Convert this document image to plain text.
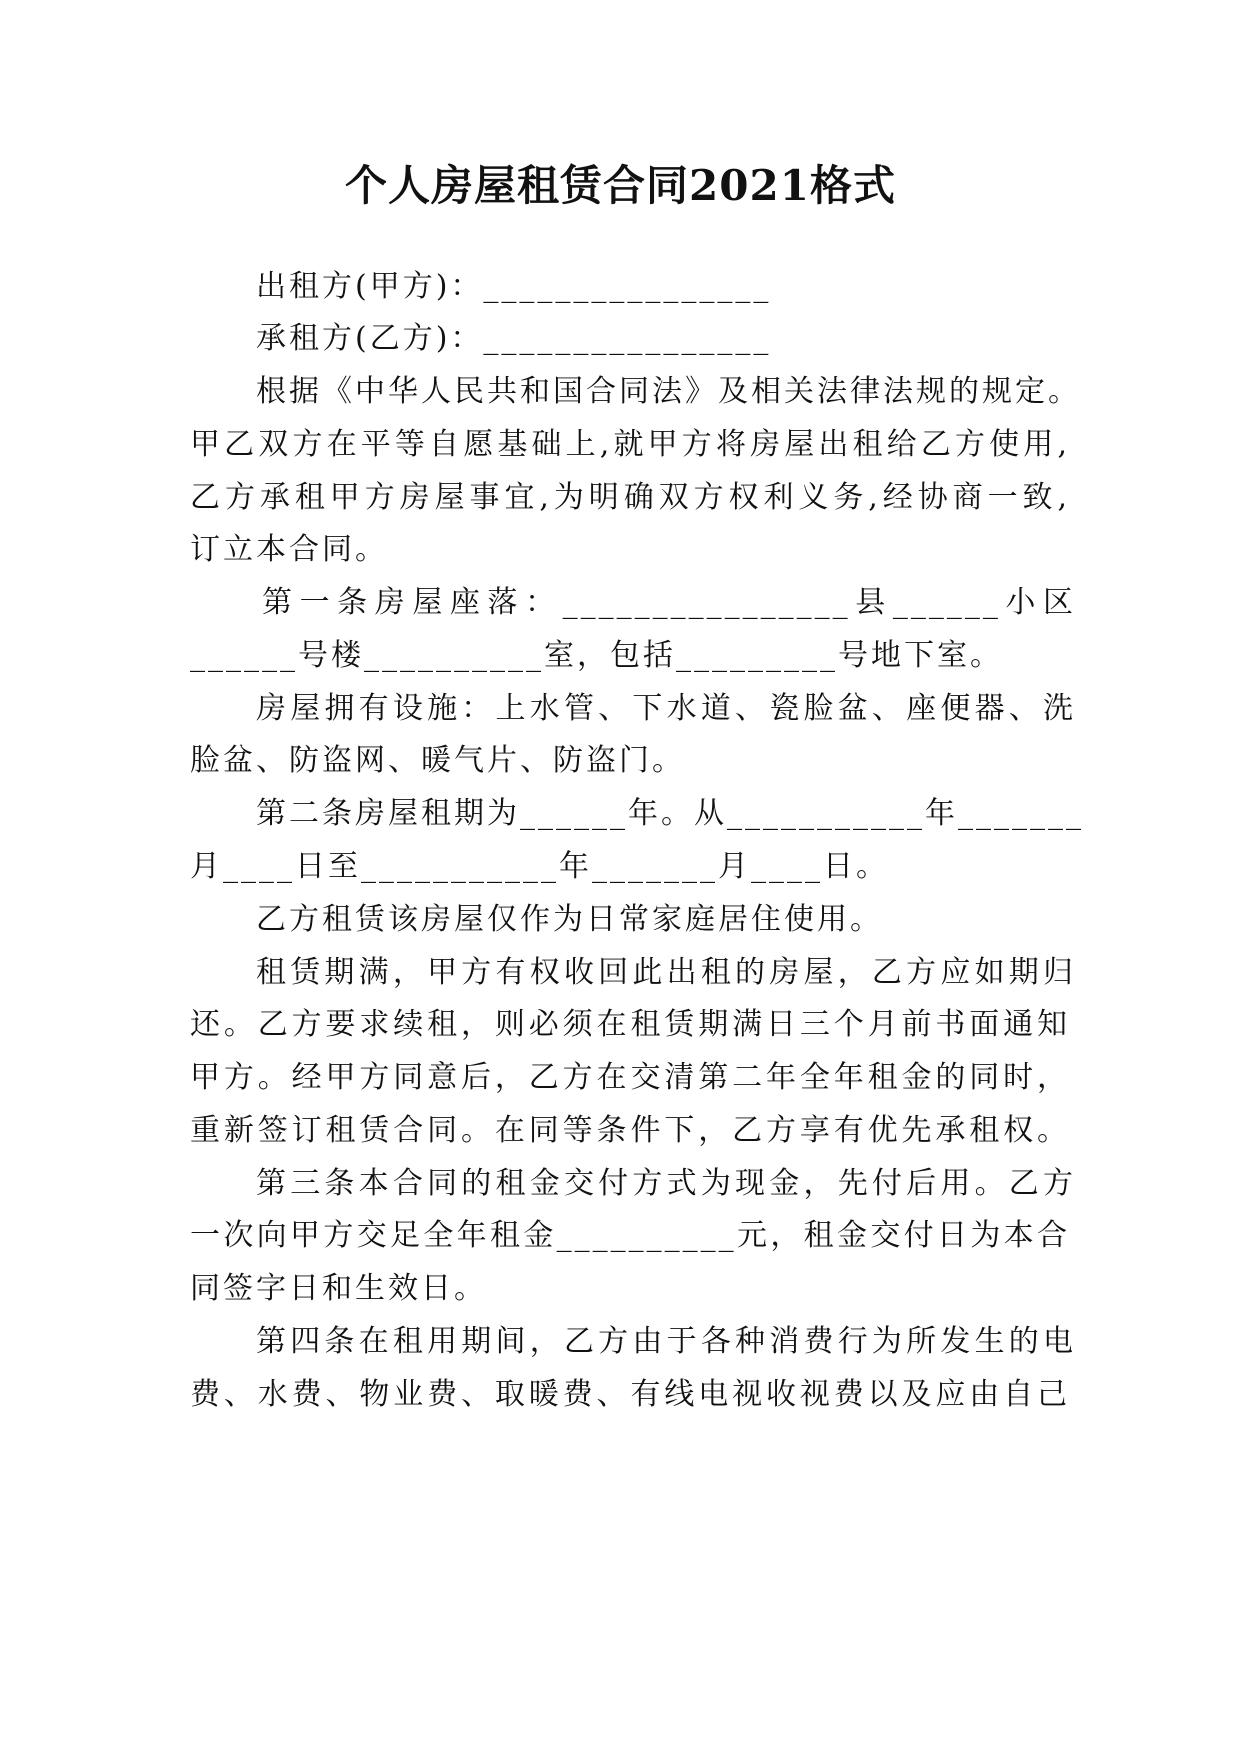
个人房屋租赁合同2021格式
出租方(甲方)：________________
承租方(乙方)：________________
根据《中华人民共和国合同法》及相关法律法规的规定。
甲乙双方在平等自愿基础上,就甲方将房屋出租给乙方使用,
乙方承租甲方房屋事宜,为明确双方权利义务,经协商一致,
订立本合同。
第一条房屋座落：________________县______小区
______号楼__________室，包括_________号地下室。
房屋拥有设施：上水管、下水道、瓷脸盆、座便器、洗
脸盆、防盗网、暖气片、防盗门。
第二条房屋租期为______年。从___________年_______
月____日至___________年_______月____日。
乙方租赁该房屋仅作为日常家庭居住使用。
租赁期满，甲方有权收回此出租的房屋，乙方应如期归
还。乙方要求续租，则必须在租赁期满日三个月前书面通知
甲方。经甲方同意后，乙方在交清第二年全年租金的同时，
重新签订租赁合同。在同等条件下，乙方享有优先承租权。
第三条本合同的租金交付方式为现金，先付后用。乙方
一次向甲方交足全年租金__________元，租金交付日为本合
同签字日和生效日。
第四条在租用期间，乙方由于各种消费行为所发生的电
费、水费、物业费、取暖费、有线电视收视费以及应由自己
